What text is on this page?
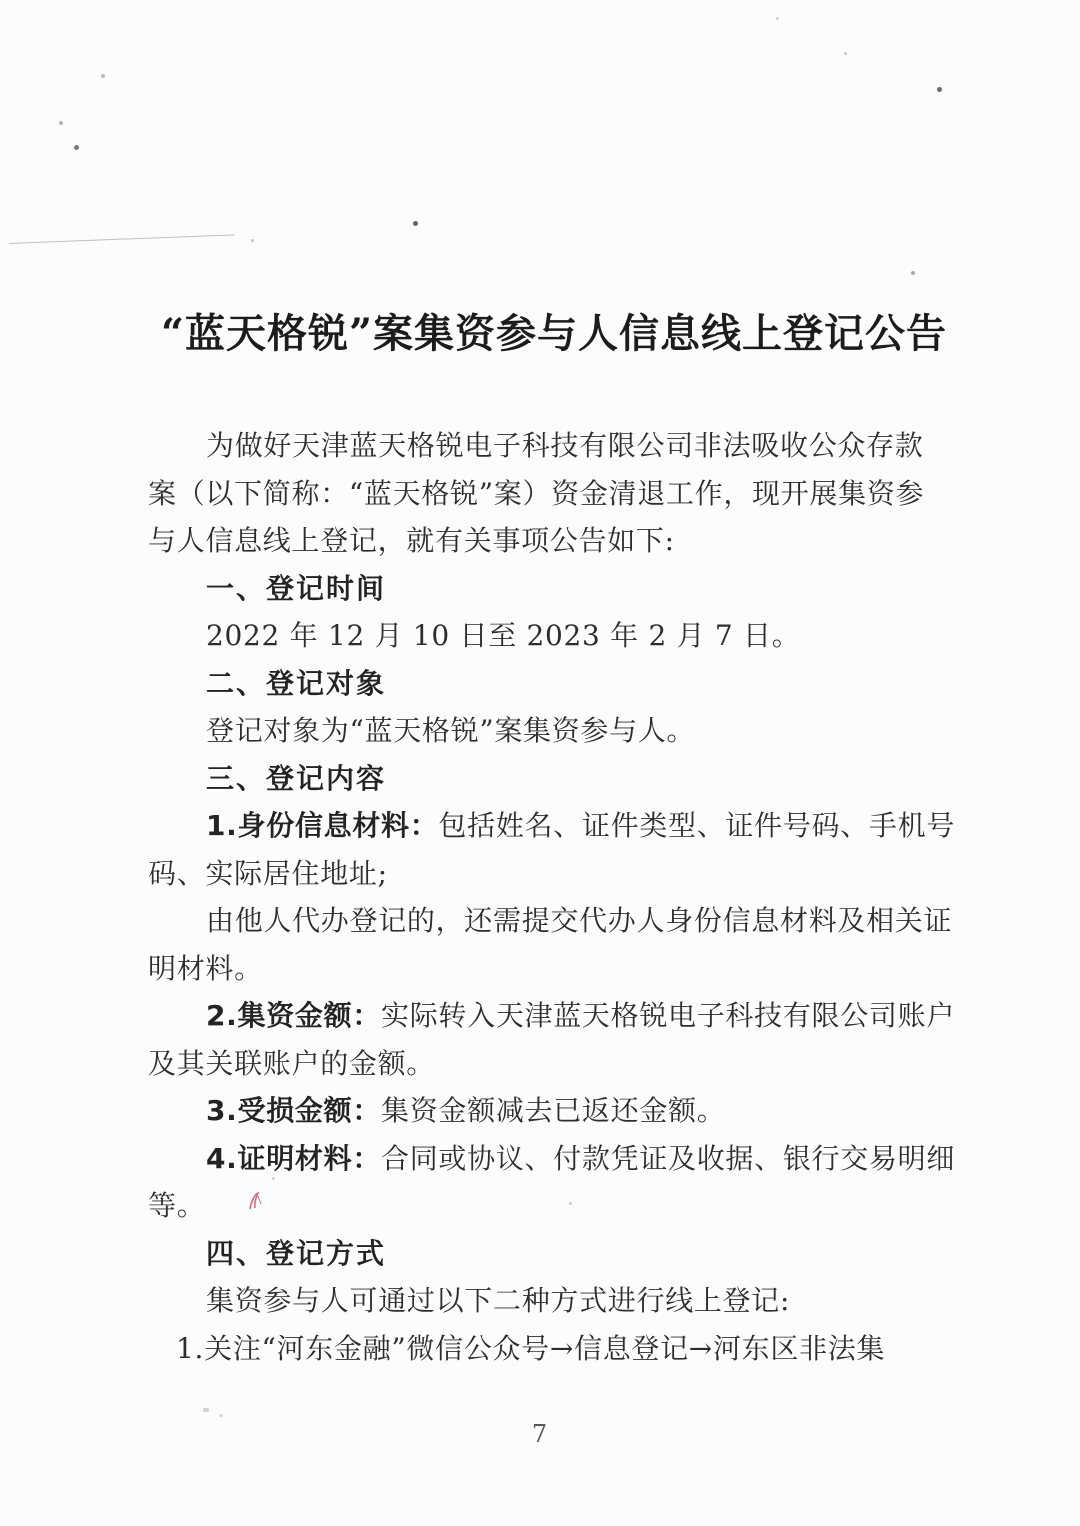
“蓝天格锐”案集资参与人信息线上登记公告
为做好天津蓝天格锐电子科技有限公司非法吸收公众存款
案（以下简称：“蓝天格锐”案）资金清退工作，现开展集资参
与人信息线上登记，就有关事项公告如下:
一、登记时间
2022 年 12 月 10 日至 2023 年 2 月 7 日。
二、登记对象
登记对象为“蓝天格锐”案集资参与人。
三、登记内容
1.身份信息材料：包括姓名、证件类型、证件号码、手机号
码、实际居住地址;
由他人代办登记的，还需提交代办人身份信息材料及相关证
明材料。
2.集资金额：实际转入天津蓝天格锐电子科技有限公司账户
及其关联账户的金额。
3.受损金额：集资金额减去已返还金额。
4.证明材料：合同或协议、付款凭证及收据、银行交易明细
等。
四、登记方式
集资参与人可通过以下二种方式进行线上登记:
1.关注“河东金融”微信公众号→信息登记→河东区非法集
7
